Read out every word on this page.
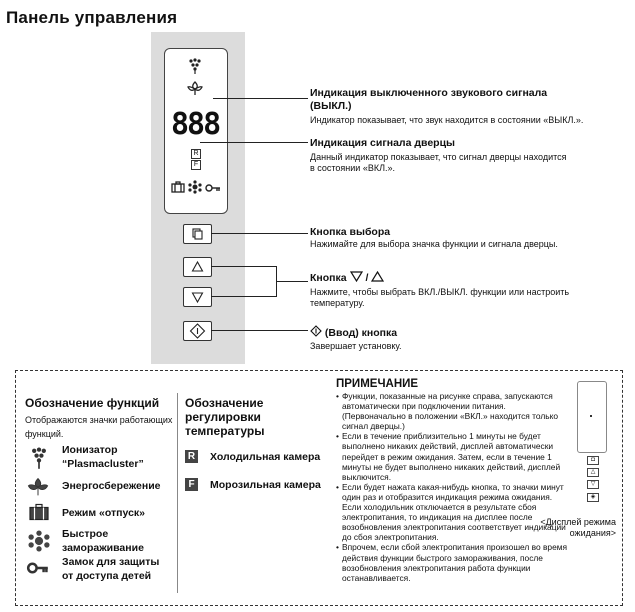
Панель управления
888
R
F
Индикация выключенного звукового сигнала (ВЫКЛ.)
Индикатор показывает, что звук находится в состоянии «ВЫКЛ.».
Индикация сигнала дверцы
Данный индикатор показывает, что сигнал дверцы находится в состоянии «ВКЛ.».
Кнопка выбора
Нажимайте для выбора значка функции и сигнала дверцы.
Кнопка /
Нажмите, чтобы выбрать ВКЛ./ВЫКЛ. функции или настроить температуру.
(Ввод) кнопка
Завершает установку.
Обозначение функций
Отображаются значки работающих функций.
Ионизатор
“Plasmacluster”
Энергосбережение
Режим «отпуск»
Быстрое
замораживание
Замок для защиты
от доступа детей
Обозначение
регулировки
температуры
R Холодильная камера
F	Морозильная камера
ПРИМЕЧАНИЕ
• Функции, показанные на рисунке справа, запускаются автоматически при подключении питания. (Первоначально в положении «ВКЛ.» находится только сигнал дверцы.)
• Если в течение приблизительно 1 минуты не будет выполнено никаких действий, дисплей автоматически перейдет в режим ожидания. Затем, если в течение 1 минуты не будет выполнено никаких действий, дисплей выключится.
• Если будет нажата какая-нибудь кнопка, то значки минут один раз и отобразится индикация режима ожидания. Если холодильник отключается в результате сбоя электропитания, то индикация на дисплее после возобновления электропитания соответствует индикации до сбоя электропитания.
• Впрочем, если сбой электропитания произошел во время действия функции быстрого замораживания, после возобновления электропитания работа функции останавливается.
◘
△
▽
◈
<Дисплей режима
ожидания>
